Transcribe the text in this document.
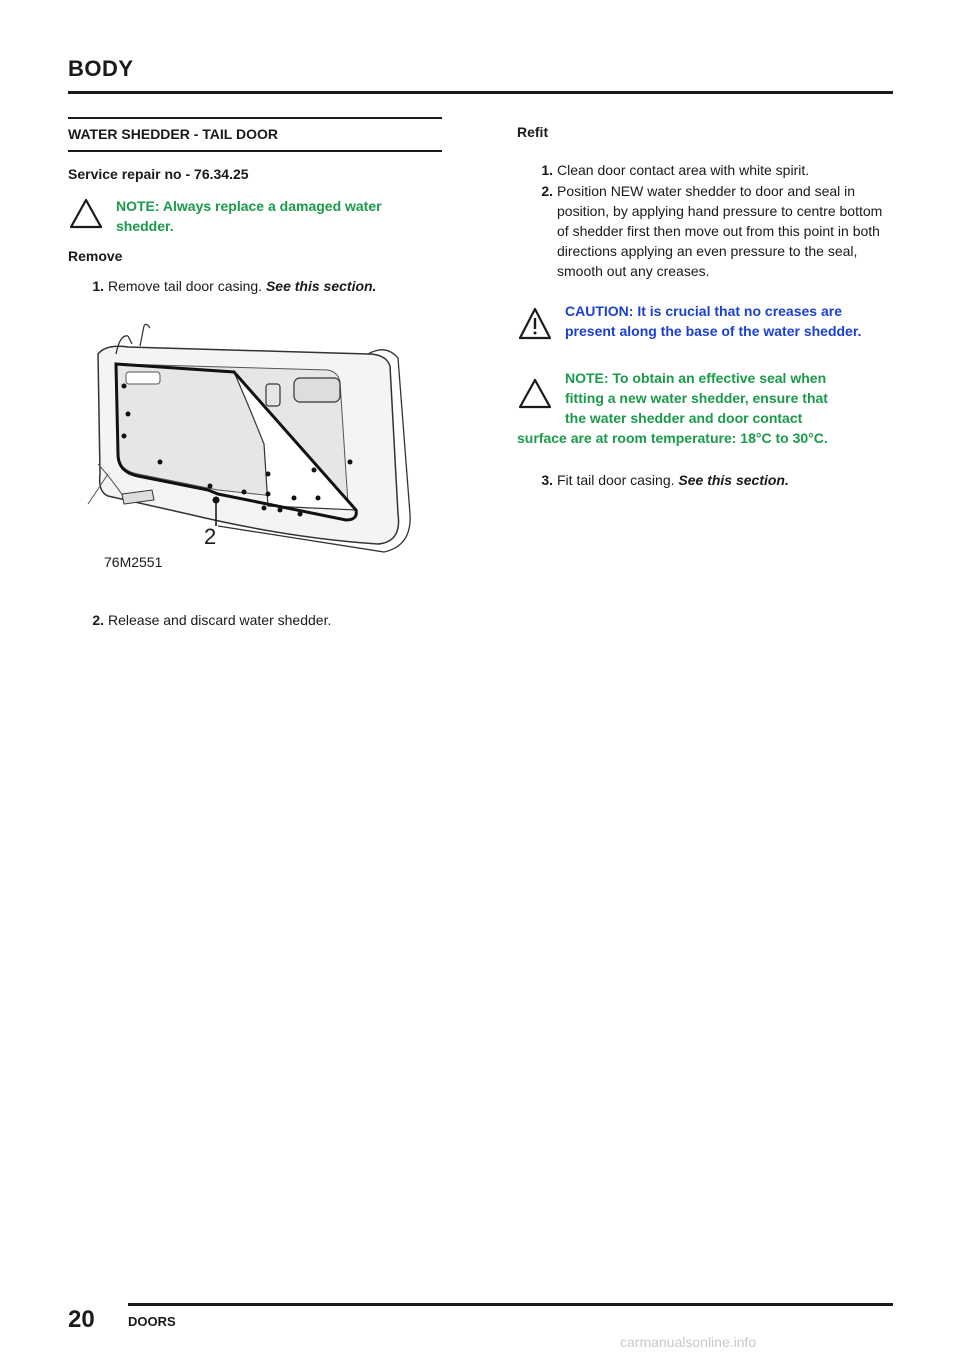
BODY
WATER SHEDDER - TAIL DOOR
Service repair no - 76.34.25
NOTE: Always replace a damaged water shedder.
Remove
1. Remove tail door casing. See this section.
2
76M2551
2. Release and discard water shedder.
Refit
1. Clean door contact area with white spirit.
2. Position NEW water shedder to door and seal in position, by applying hand pressure to centre bottom of shedder first then move out from this point in both directions applying an even pressure to the seal, smooth out any creases.
CAUTION: It is crucial that no creases are present along the base of the water shedder.
NOTE: To obtain an effective seal when
fitting a new water shedder, ensure that
the water shedder and door contact
surface are at room temperature: 18°C to 30°C.
3. Fit tail door casing. See this section.
20	DOORS
carmanualsonline.info
